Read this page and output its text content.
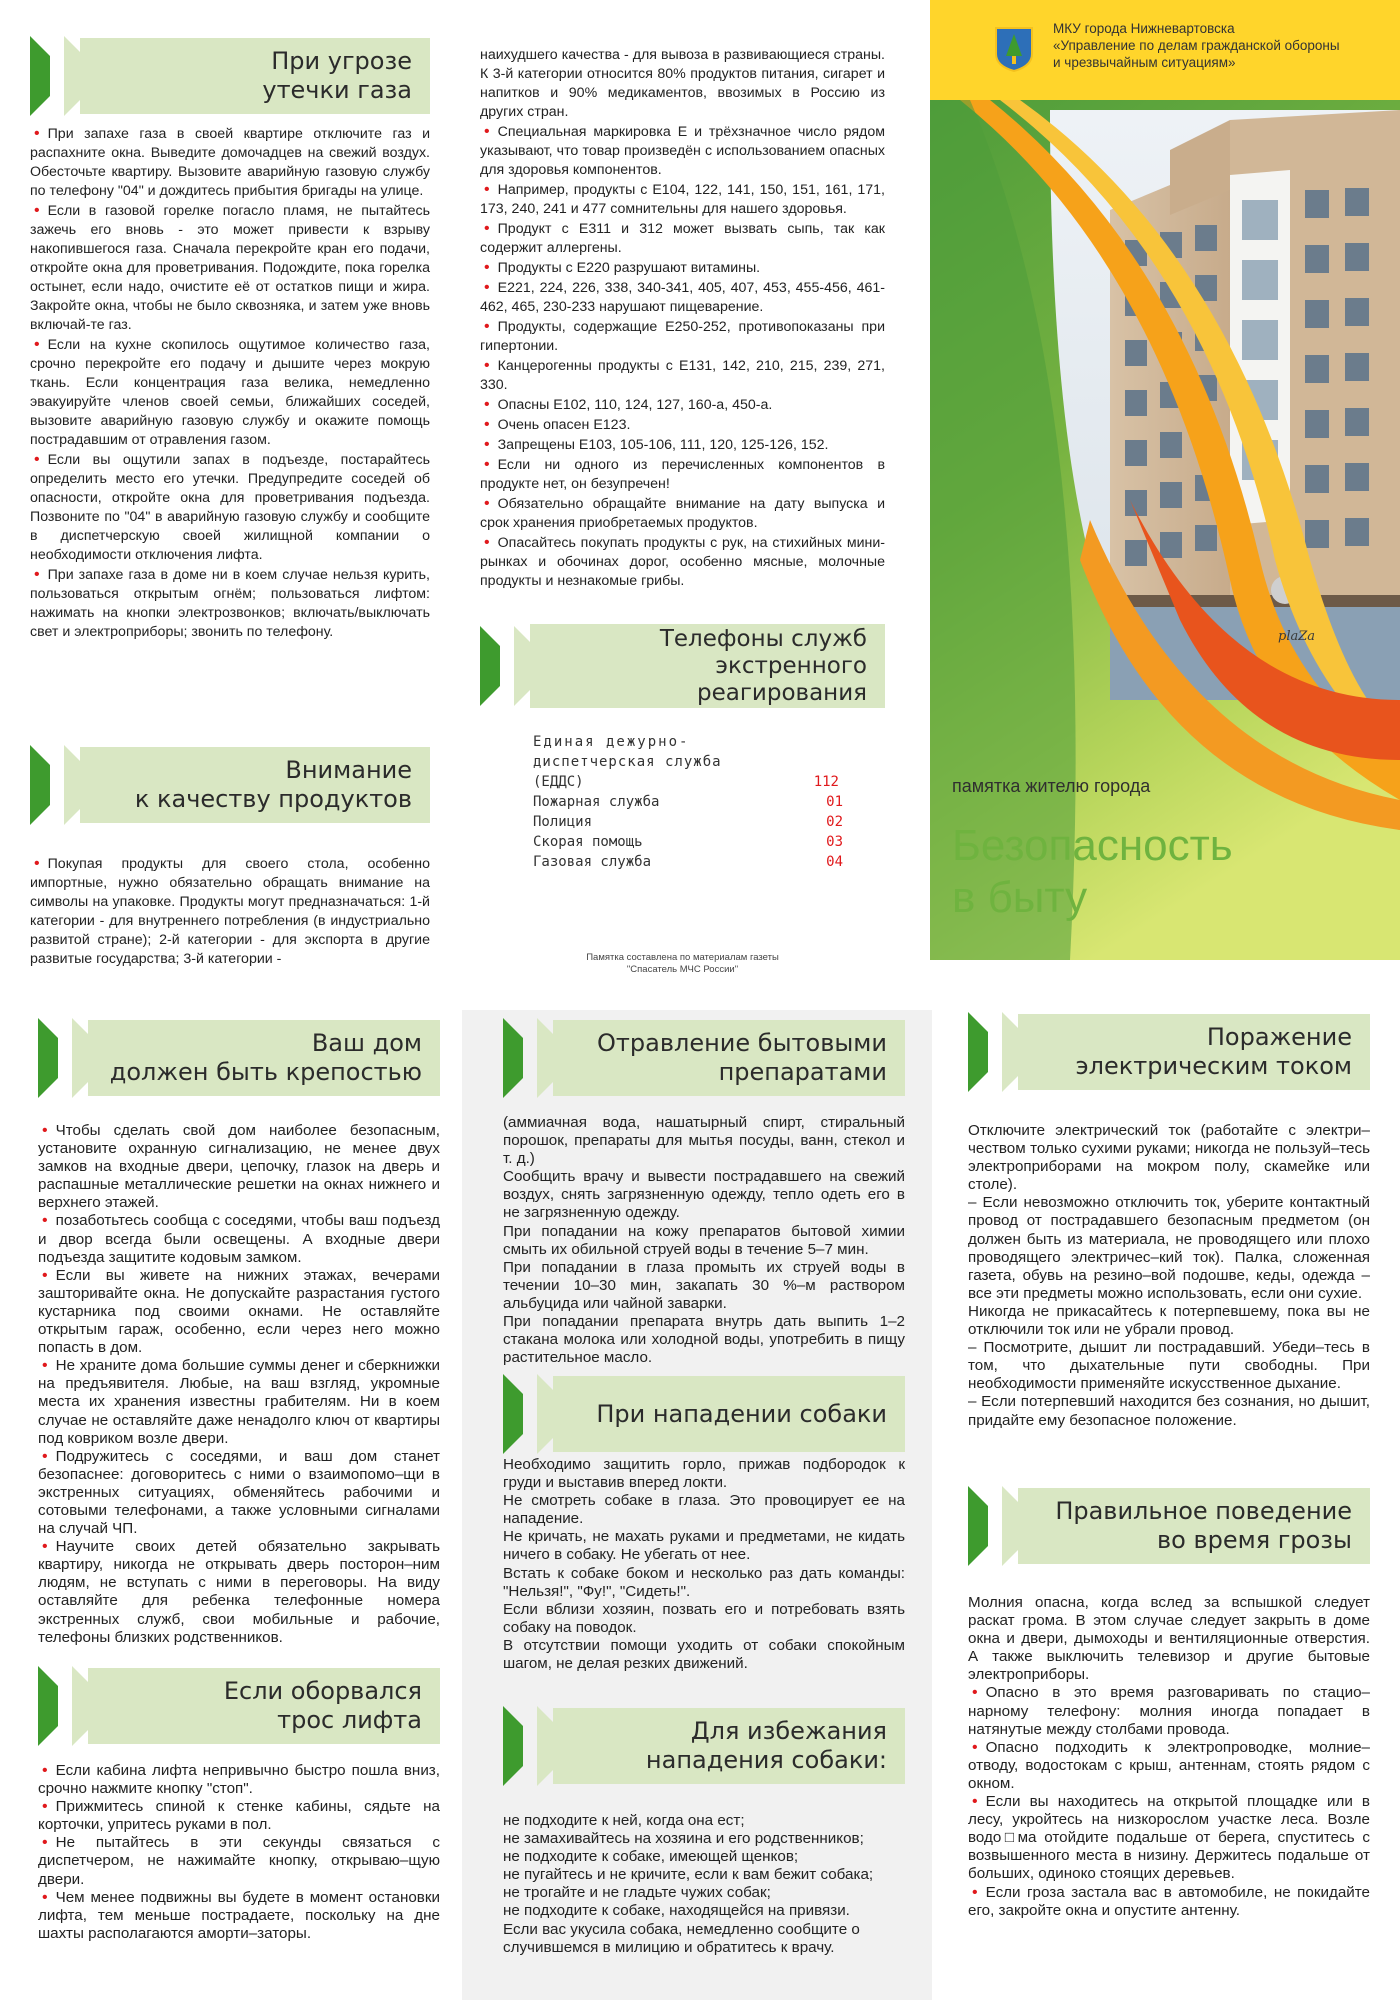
При угрозе
утечки газа

• При запахе газа в своей квартире отключите газ и распахните окна. Выведите домочадцев на свежий воздух. Обесточьте квартиру. Вызовите аварийную газовую службу по телефону "04" и дождитесь прибытия бригады на улице.

• Если в газовой горелке погасло пламя, не пытайтесь зажечь его вновь - это может привести к взрыву накопившегося газа. Сначала перекройте кран его подачи, откройте окна для проветривания. Подождите, пока горелка остынет, если надо, очистите её от остатков пищи и жира. Закройте окна, чтобы не было сквозняка, и затем уже вновь включай-те газ.

• Если на кухне скопилось ощутимое количество газа, срочно перекройте его подачу и дышите через мокрую ткань. Если концентрация газа велика, немедленно эвакуируйте членов своей семьи, ближайших соседей, вызовите аварийную газовую службу и окажите помощь пострадавшим от отравления газом.

• Если вы ощутили запах в подъезде, постарайтесь определить место его утечки. Предупредите соседей об опасности, откройте окна для проветривания подъезда. Позвоните по "04" в аварийную газовую службу и сообщите в диспетчерскую своей жилищной компании о необходимости отключения лифта.

• При запахе газа в доме ни в коем случае нельзя курить, пользоваться открытым огнём; пользоваться лифтом: нажимать на кнопки электрозвонков; включать/выключать свет и электроприборы; звонить по телефону.

Внимание
к качеству продуктов

• Покупая продукты для своего стола, особенно импортные, нужно обязательно обращать внимание на символы на упаковке. Продукты могут предназначаться: 1-й категории - для внутреннего потребления (в индустриально развитой стране); 2-й категории - для экспорта в другие развитые государства; 3-й категории -

наихудшего качества - для вывоза в развивающиеся страны. К 3-й категории относится 80% продуктов питания, сигарет и напитков и 90% медикаментов, ввозимых в Россию из других стран.

• Специальная маркировка Е и трёхзначное число рядом указывают, что товар произведён с использованием опасных для здоровья компонентов.

• Например, продукты с Е104, 122, 141, 150, 151, 161, 171, 173, 240, 241 и 477 сомнительны для нашего здоровья.

• Продукт с Е311 и 312 может вызвать сыпь, так как содержит аллергены.

• Продукты с Е220 разрушают витамины.

• Е221, 224, 226, 338, 340-341, 405, 407, 453, 455-456, 461-462, 465, 230-233 нарушают пищеварение.

• Продукты, содержащие Е250-252, противопоказаны при гипертонии.

• Канцерогенны продукты с Е131, 142, 210, 215, 239, 271, 330.

• Опасны Е102, 110, 124, 127, 160-а, 450-а.

• Очень опасен Е123.

• Запрещены Е103, 105-106, 111, 120, 125-126, 152.

• Если ни одного из перечисленных компонентов в продукте нет, он безупречен!

• Обязательно обращайте внимание на дату выпуска и срок хранения приобретаемых продуктов.

• Опасайтесь покупать продукты с рук, на стихийных мини-рынках и обочинах дорог, особенно мясные, молочные продукты и незнакомые грибы.

Телефоны служб
экстренного
реагирования
Единая дежурно-
диспетчерская служба
(ЕДДС)	112
Пожарная служба	01
Полиция	02
Скорая помощь	03
Газовая служба	04
Памятка составлена по материалам газеты
"Спасатель МЧС России"
plaZa
МКУ города Нижневартовска
«Управление по делам гражданской обороны
и чрезвычайным ситуациям»
памятка жителю города
Безопасность
в быту
Ваш дом
должен быть крепостью

• Чтобы сделать свой дом наиболее безопасным, установите охранную сигнализацию, не менее двух замков на входные двери, цепочку, глазок на дверь и распашные металлические решетки на окнах нижнего и верхнего этажей.

• позаботьтесь сообща с соседями, чтобы ваш подъезд и двор всегда были освещены. А входные двери подъезда защитите кодовым замком.

• Если вы живете на нижних этажах, вечерами зашторивайте окна. Не допускайте разрастания густого кустарника под своими окнами. Не оставляйте открытым гараж, особенно, если через него можно попасть в дом.

• Не храните дома большие суммы денег и сберкнижки на предъявителя. Любые, на ваш взгляд, укромные места их хранения известны грабителям. Ни в коем случае не оставляйте даже ненадолго ключ от квартиры под ковриком возле двери.

• Подружитесь с соседями, и ваш дом станет безопаснее: договоритесь с ними о взаимопомо–щи в экстренных ситуациях, обменяйтесь рабочими и сотовыми телефонами, а также условными сигналами на случай ЧП.

• Научите своих детей обязательно закрывать квартиру, никогда не открывать дверь посторон–ним людям, не вступать с ними в переговоры. На виду оставляйте для ребенка телефонные номера экстренных служб, свои мобильные и рабочие, телефоны близких родственников.

Если оборвался
трос лифта

• Если кабина лифта непривычно быстро пошла вниз, срочно нажмите кнопку "стоп".

• Прижмитесь спиной к стенке кабины, сядьте на корточки, упритесь руками в пол.

• Не пытайтесь в эти секунды связаться с диспетчером, не нажимайте кнопку, открываю–щую двери.

• Чем менее подвижны вы будете в момент остановки лифта, тем меньше пострадаете, поскольку на дне шахты располагаются аморти–заторы.

Отравление бытовыми
препаратами

(аммиачная вода, нашатырный спирт, стиральный порошок, препараты для мытья посуды, ванн, стекол и т. д.)

Сообщить врачу и вывести пострадавшего на свежий воздух, снять загрязненную одежду, тепло одеть его в не загрязненную одежду.

При попадании на кожу препаратов бытовой химии смыть их обильной струей воды в течение 5–7 мин.

При попадании в глаза промыть их струей воды в течении 10–30 мин, закапать 30 %–м раствором альбуцида или чайной заварки.

При попадании препарата внутрь дать выпить 1–2 стакана молока или холодной воды, употребить в пищу растительное масло.

При нападении собаки

Необходимо защитить горло, прижав подбородок к груди и выставив вперед локти.

Не смотреть собаке в глаза. Это провоцирует ее на нападение.

Не кричать, не махать руками и предметами, не кидать ничего в собаку. Не убегать от нее.

Встать к собаке боком и несколько раз дать команды: "Нельзя!", "Фу!", "Сидеть!".

Если вблизи хозяин, позвать его и потребовать взять собаку на поводок.

В отсутствии помощи уходить от собаки спокойным шагом, не делая резких движений.

Для избежания
нападения собаки:

не подходите к ней, когда она ест;

не замахивайтесь на хозяина и его родственников;

не подходите к собаке, имеющей щенков;

не пугайтесь и не кричите, если к вам бежит собака;

не трогайте и не гладьте чужих собак;

не подходите к собаке, находящейся на привязи.

Если вас укусила собака, немедленно сообщите о случившемся в милицию и обратитесь к врачу.

Поражение
электрическим током

Отключите электрический ток (работайте с электри–чеством только сухими руками; никогда не пользуй–тесь электроприборами на мокром полу, скамейке или столе).

– Если невозможно отключить ток, уберите контактный провод от пострадавшего безопасным предметом (он должен быть из материала, не проводящего или плохо проводящего электричес–кий ток). Палка, сложенная газета, обувь на резино–вой подошве, кеды, одежда – все эти предметы можно использовать, если они сухие.

Никогда не прикасайтесь к потерпевшему, пока вы не отключили ток или не убрали провод.

– Посмотрите, дышит ли пострадавший. Убеди–тесь в том, что дыхательные пути свободны. При необходимости применяйте искусственное дыхание.

– Если потерпевший находится без сознания, но дышит, придайте ему безопасное положение.

Правильное поведение
во время грозы

Молния опасна, когда вслед за вспышкой следует раскат грома. В этом случае следует закрыть в доме окна и двери, дымоходы и вентиляционные отверстия. А также выключить телевизор и другие бытовые электроприборы.

• Опасно в это время разговаривать по стацио–нарному телефону: молния иногда попадает в натянутые между столбами провода.

• Опасно подходить к электропроводке, молние–отводу, водостокам с крыш, антеннам, стоять рядом с окном.

• Если вы находитесь на открытой площадке или в лесу, укройтесь на низкорослом участке леса. Возле водо□ма отойдите подальше от берега, спуститесь с возвышенного места в низину. Держитесь подальше от больших, одиноко стоящих деревьев.

• Если гроза застала вас в автомобиле, не покидайте его, закройте окна и опустите антенну.
